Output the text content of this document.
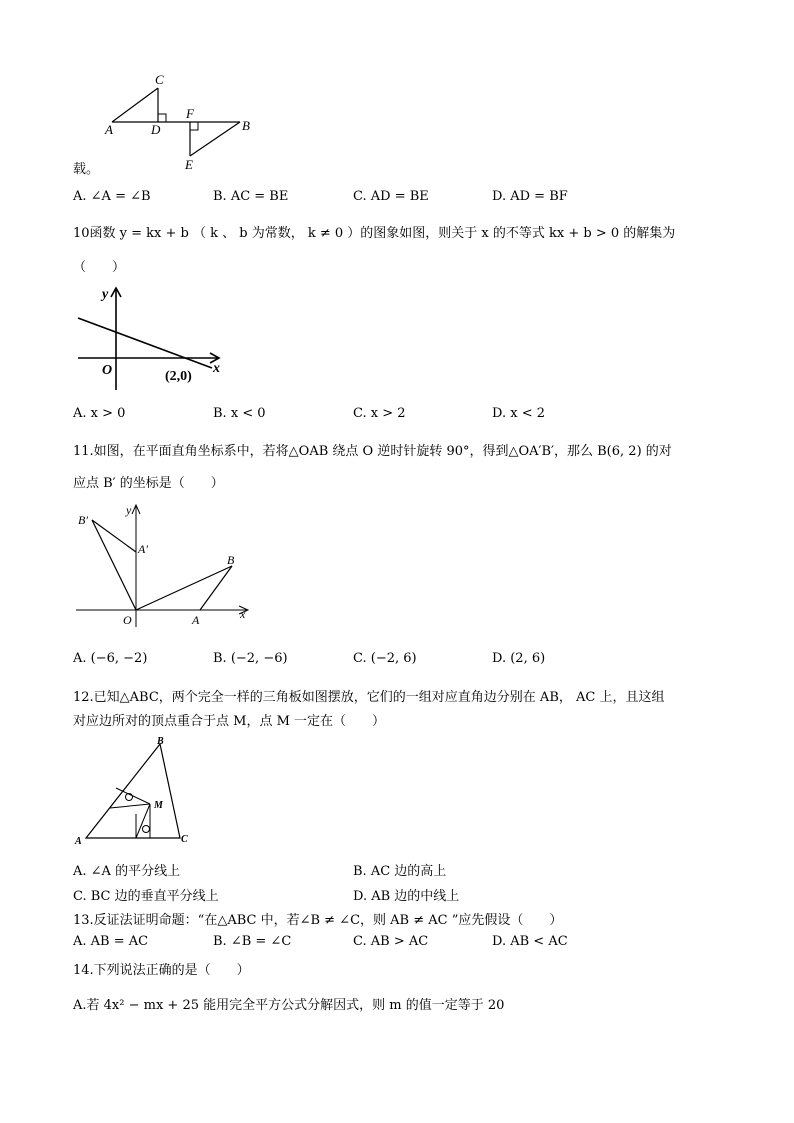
C
A	D
F
B
E
载。
A. ∠A = ∠B	B. AC = BE	C. AD = BE	D. AD = BF
10函数 y = kx + b （ k 、 b 为常数， k ≠ 0 ）的图象如图，则关于 x 的不等式 kx + b > 0 的解集为
（　　）
y
x
O	(2,0)
A. x > 0	B. x < 0	C. x > 2	D. x < 2
11.如图，在平面直角坐标系中，若将△OAB 绕点 O 逆时针旋转 90°，得到△OA′B′，那么 B(6, 2) 的对
应点 B′ 的坐标是（　　）
B′
y
A′
B
O	A	x
A. (−6, −2)	B. (−2, −6)	C. (−2, 6)	D. (2, 6)
12.已知△ABC，两个完全一样的三角板如图摆放，它们的一组对应直角边分别在 AB， AC 上，且这组
对应边所对的顶点重合于点 M，点 M 一定在（　　）
B
M
A	C
A. ∠A 的平分线上	B. AC 边的高上
C. BC 边的垂直平分线上	D. AB 边的中线上
13.反证法证明命题：“在△ABC 中，若∠B ≠ ∠C，则 AB ≠ AC ”应先假设（　　）
A. AB = AC	B. ∠B = ∠C	C. AB > AC	D. AB < AC
14.下列说法正确的是（　　）
A.若 4x² − mx + 25 能用完全平方公式分解因式，则 m 的值一定等于 20
